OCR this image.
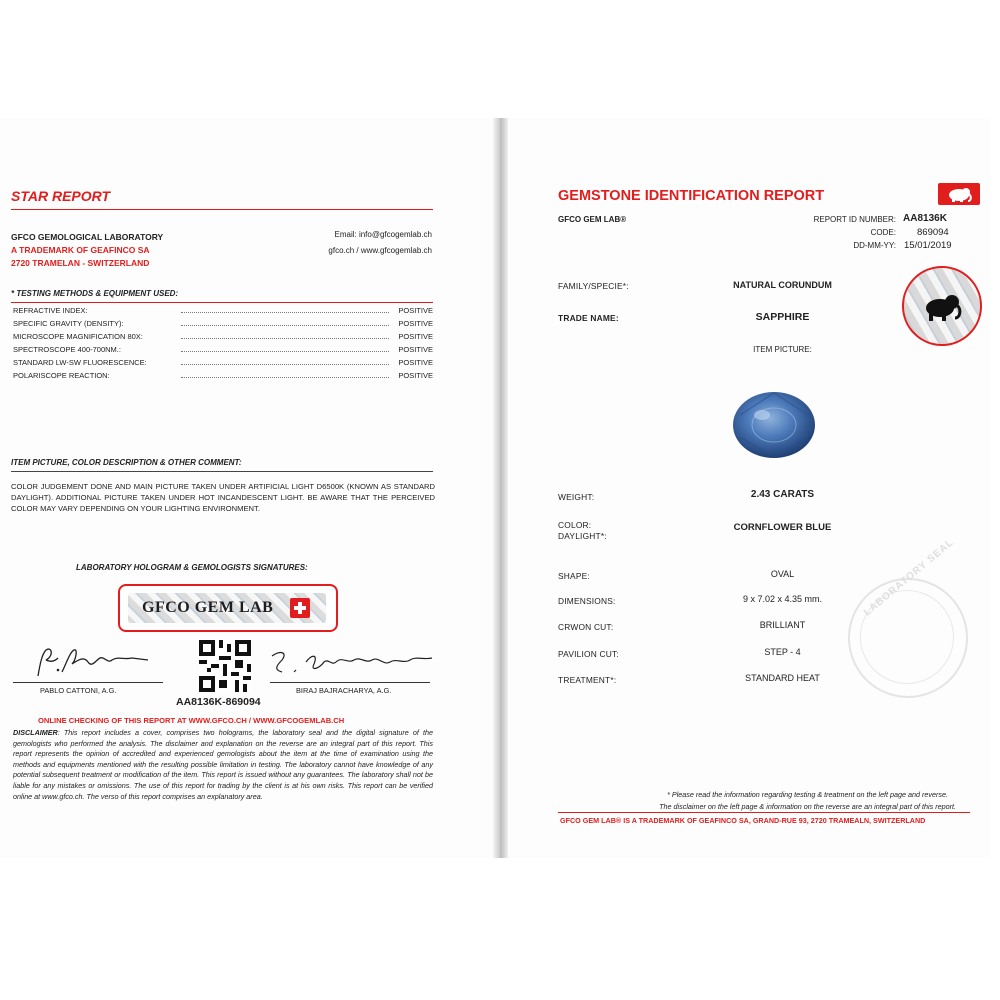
STAR REPORT
GFCO GEMOLOGICAL LABORATORY
A TRADEMARK OF GEAFINCO SA
2720 TRAMELAN - SWITZERLAND
Email: info@gfcogemlab.ch
gfco.ch / www.gfcogemlab.ch
* TESTING METHODS & EQUIPMENT USED:
REFRACTIVE INDEX:	POSITIVE
SPECIFIC GRAVITY (DENSITY):	POSITIVE
MICROSCOPE MAGNIFICATION 80X:	POSITIVE
SPECTROSCOPE 400-700NM.:	POSITIVE
STANDARD LW-SW FLUORESCENCE:	POSITIVE
POLARISCOPE REACTION:	POSITIVE
ITEM PICTURE, COLOR DESCRIPTION & OTHER COMMENT:
COLOR JUDGEMENT DONE AND MAIN PICTURE TAKEN UNDER ARTIFICIAL LIGHT D6500K (KNOWN AS STANDARD DAYLIGHT). ADDITIONAL PICTURE TAKEN UNDER HOT INCANDESCENT LIGHT. BE AWARE THAT THE PERCEIVED COLOR MAY VARY DEPENDING ON YOUR LIGHTING ENVIRONMENT.
LABORATORY HOLOGRAM & GEMOLOGISTS SIGNATURES:
GFCO GEM LAB
PABLO CATTONI, A.G.	BIRAJ BAJRACHARYA, A.G.
AA8136K-869094
ONLINE CHECKING OF THIS REPORT AT WWW.GFCO.CH / WWW.GFCOGEMLAB.CH
DISCLAIMER: This report includes a cover, comprises two holograms, the laboratory seal and the digital signature of the gemologists who performed the analysis. The disclaimer and explanation on the reverse are an integral part of this report. This report represents the opinion of accredited and experienced gemologists about the item at the time of examination using the methods and equipments mentioned with the resulting possible limitation in testing. The laboratory cannot have knowledge of any potential subsequent treatment or modification of the item. This report is issued without any guarantees. The laboratory shall not be liable for any mistakes or omissions. The use of this report for trading by the client is at his own risks. This report can be verified online at www.gfco.ch. The verso of this report comprises an explanatory area.
GEMSTONE IDENTIFICATION REPORT
GFCO GEM LAB®	REPORT ID NUMBER: AA8136K
CODE: 869094
DD-MM-YY: 15/01/2019
FAMILY/SPECIE*:	NATURAL CORUNDUM
TRADE NAME:	SAPPHIRE
ITEM PICTURE:
WEIGHT:	2.43 CARATS
COLOR:
DAYLIGHT*:
CORNFLOWER BLUE
SHAPE:	OVAL
DIMENSIONS:	9 x 7.02 x 4.35 mm.
CRWON CUT:	BRILLIANT
PAVILION CUT:	STEP - 4
TREATMENT*:	STANDARD HEAT
LABORATORY SEAL
* Please read the information regarding testing & treatment on the left page and reverse.
The disclaimer on the left page & information on the reverse are an integral part of this report.
GFCO GEM LAB® IS A TRADEMARK OF GEAFINCO SA, GRAND-RUE 93, 2720 TRAMEALN, SWITZERLAND
